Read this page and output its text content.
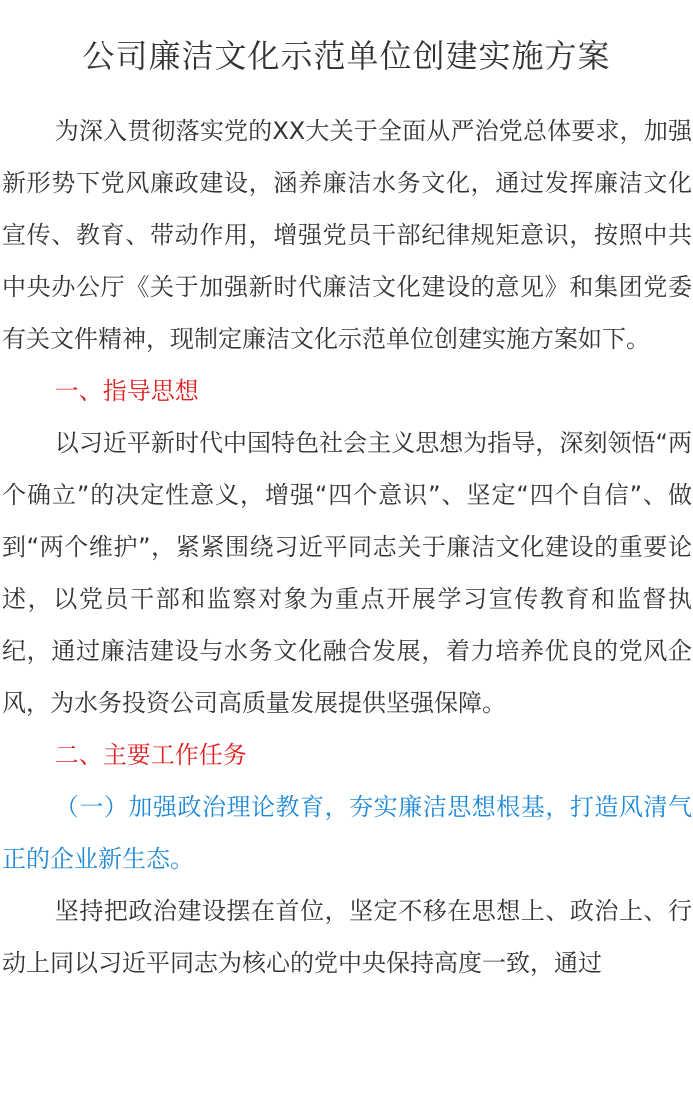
公司廉洁文化示范单位创建实施方案

为深入贯彻落实党的XX大关于全面从严治党总体要求，加强新形势下党风廉政建设，涵养廉洁水务文化，通过发挥廉洁文化宣传、教育、带动作用，增强党员干部纪律规矩意识，按照中共中央办公厅《关于加强新时代廉洁文化建设的意见》和集团党委有关文件精神，现制定廉洁文化示范单位创建实施方案如下。

一、指导思想

以习近平新时代中国特色社会主义思想为指导，深刻领悟“两个确立”的决定性意义，增强“四个意识”、坚定“四个自信”、做到“两个维护”，紧紧围绕习近平同志关于廉洁文化建设的重要论述，以党员干部和监察对象为重点开展学习宣传教育和监督执纪，通过廉洁建设与水务文化融合发展，着力培养优良的党风企风，为水务投资公司高质量发展提供坚强保障。

二、主要工作任务

（一）加强政治理论教育，夯实廉洁思想根基，打造风清气正的企业新生态。

坚持把政治建设摆在首位，坚定不移在思想上、政治上、行动上同以习近平同志为核心的党中央保持高度一致，通过
